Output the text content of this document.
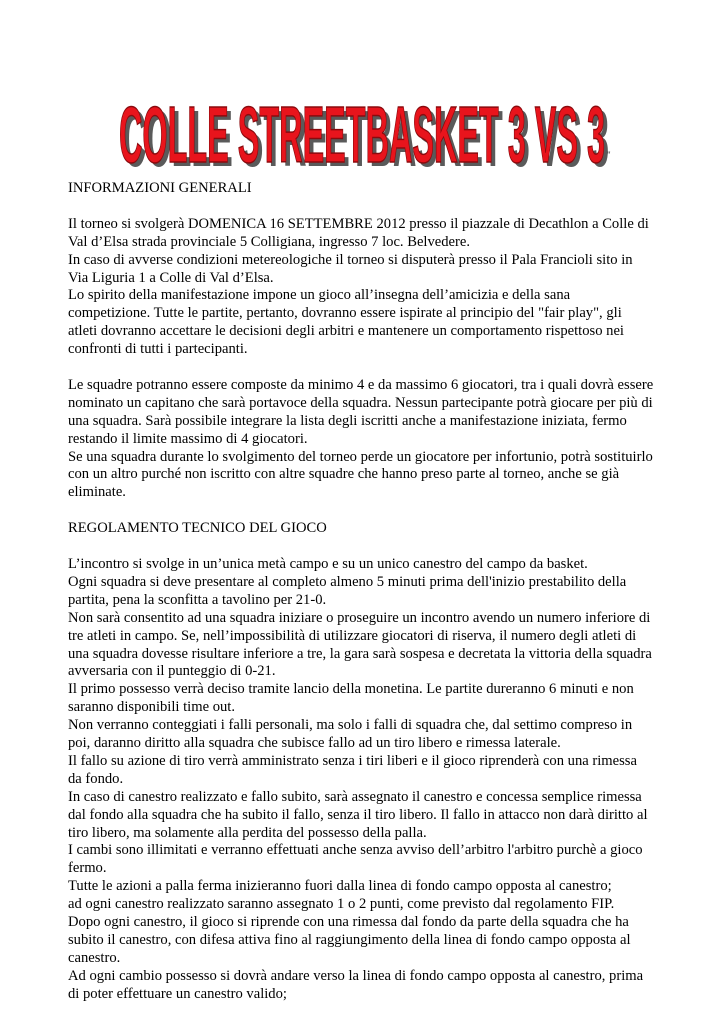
COLLE STREETBASKET 3 VS 3
COLLE STREETBASKET 3 VS 3 "

INFORMAZIONI GENERALI

Il torneo si svolgerà DOMENICA 16 SETTEMBRE 2012 presso il piazzale di Decathlon a Colle di

Val d’Elsa strada provinciale 5 Colligiana, ingresso 7 loc. Belvedere.

In caso di avverse condizioni metereologiche il torneo si disputerà presso il Pala Francioli sito in

Via Liguria 1 a Colle di Val d’Elsa.

Lo spirito della manifestazione impone un gioco all’insegna dell’amicizia e della sana

competizione. Tutte le partite, pertanto, dovranno essere ispirate al principio del "fair play", gli

atleti dovranno accettare le decisioni degli arbitri e mantenere un comportamento rispettoso nei

confronti di tutti i partecipanti.

Le squadre potranno essere composte da minimo 4 e da massimo 6 giocatori, tra i quali dovrà essere

nominato un capitano che sarà portavoce della squadra. Nessun partecipante potrà giocare per più di

una squadra. Sarà possibile integrare la lista degli iscritti anche a manifestazione iniziata, fermo

restando il limite massimo di 4 giocatori.

Se una squadra durante lo svolgimento del torneo perde un giocatore per infortunio, potrà sostituirlo

con un altro purché non iscritto con altre squadre che hanno preso parte al torneo, anche se già

eliminate.

REGOLAMENTO TECNICO DEL GIOCO

L’incontro si svolge in un’unica metà campo e su un unico canestro del campo da basket.

Ogni squadra si deve presentare al completo almeno 5 minuti prima dell'inizio prestabilito della

partita, pena la sconfitta a tavolino per 21-0.

Non sarà consentito ad una squadra iniziare o proseguire un incontro avendo un numero inferiore di

tre atleti in campo. Se, nell’impossibilità di utilizzare giocatori di riserva, il numero degli atleti di

una squadra dovesse risultare inferiore a tre, la gara sarà sospesa e decretata la vittoria della squadra

avversaria con il punteggio di 0-21.

Il primo possesso verrà deciso tramite lancio della monetina. Le partite dureranno 6 minuti e non

saranno disponibili time out.

Non verranno conteggiati i falli personali, ma solo i falli di squadra che, dal settimo compreso in

poi, daranno diritto alla squadra che subisce fallo ad un tiro libero e rimessa laterale.

Il fallo su azione di tiro verrà amministrato senza i tiri liberi e il gioco riprenderà con una rimessa

da fondo.

In caso di canestro realizzato e fallo subito, sarà assegnato il canestro e concessa semplice rimessa

dal fondo alla squadra che ha subito il fallo, senza il tiro libero. Il fallo in attacco non darà diritto al

tiro libero, ma solamente alla perdita del possesso della palla.

I cambi sono illimitati e verranno effettuati anche senza avviso dell’arbitro l'arbitro purchè a gioco

fermo.

Tutte le azioni a palla ferma inizieranno fuori dalla linea di fondo campo opposta al canestro;

ad ogni canestro realizzato saranno assegnato 1 o 2 punti, come previsto dal regolamento FIP.

Dopo ogni canestro, il gioco si riprende con una rimessa dal fondo da parte della squadra che ha

subito il canestro, con difesa attiva fino al raggiungimento della linea di fondo campo opposta al

canestro.

Ad ogni cambio possesso si dovrà andare verso la linea di fondo campo opposta al canestro, prima

di poter effettuare un canestro valido;
